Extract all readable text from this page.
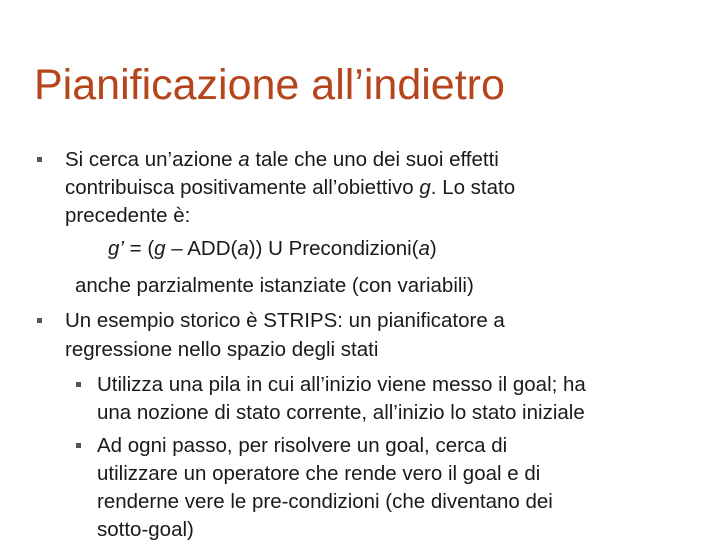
Pianificazione all’indietro
Si cerca un’azione a tale che uno dei suoi effetti
contribuisca positivamente all’obiettivo g. Lo stato
precedente è:
g’ = (g – ADD(a)) U Precondizioni(a)
anche parzialmente istanziate (con variabili)
Un esempio storico è STRIPS: un pianificatore a
regressione nello spazio degli stati
Utilizza una pila in cui all’inizio viene messo il goal; ha
una nozione di stato corrente, all’inizio lo stato iniziale
Ad ogni passo, per risolvere un goal, cerca di
utilizzare un operatore che rende vero il goal e di
renderne vere le pre-condizioni (che diventano dei
sotto-goal)
